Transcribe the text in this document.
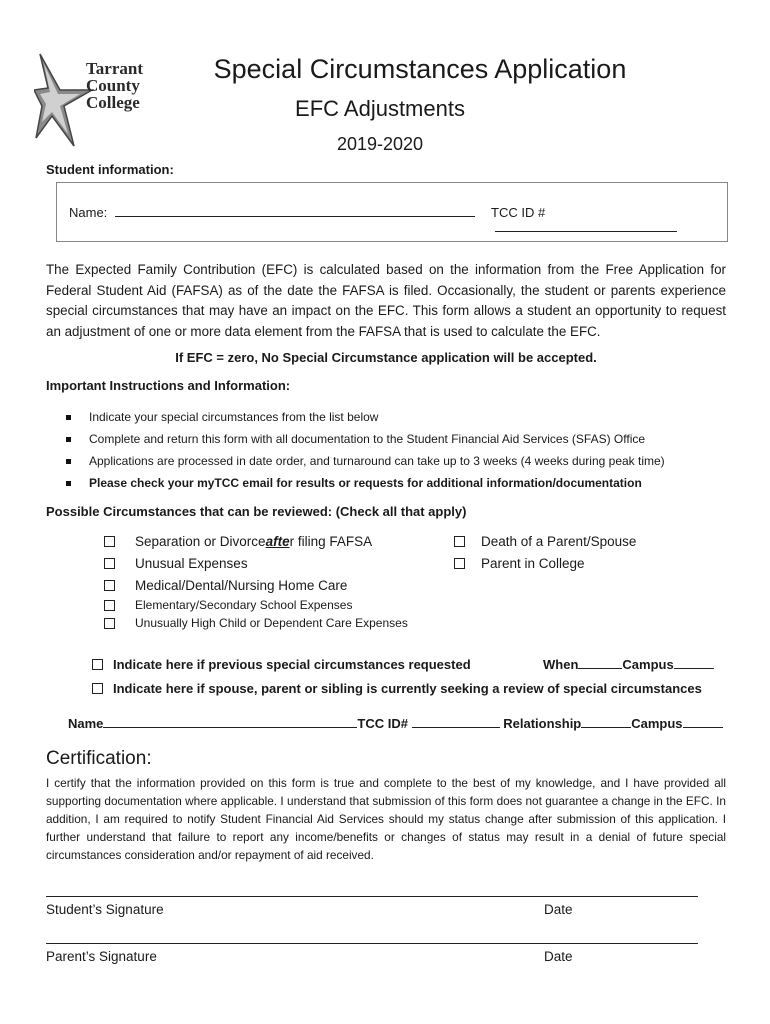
Tarrant
County
College
Special Circumstances Application
EFC Adjustments
2019-2020
Student information:
Name:	TCC ID #
The Expected Family Contribution (EFC) is calculated based on the information from the Free Application for Federal Student Aid (FAFSA) as of the date the FAFSA is filed. Occasionally, the student or parents experience special circumstances that may have an impact on the EFC. This form allows a student an opportunity to request an adjustment of one or more data element from the FAFSA that is used to calculate the EFC.
If EFC = zero, No Special Circumstance application will be accepted.
Important Instructions and Information:
Indicate your special circumstances from the list below
Complete and return this form with all documentation to the Student Financial Aid Services (SFAS) Office
Applications are processed in date order, and turnaround can take up to 3 weeks (4 weeks during peak time)
Please check your myTCC email for results or requests for additional information/documentation
Possible Circumstances that can be reviewed: (Check all that apply)
Separation or Divorce afte r filing FAFSA
Unusual Expenses
Medical/Dental/Nursing Home Care
Elementary/Secondary School Expenses
Unusually High Child or Dependent Care Expenses
Death of a Parent/Spouse
Parent in College
Indicate here if previous special circumstances requested	When	Campus
Indicate here if spouse, parent or sibling is currently seeking a review of special circumstances
Name	TCC ID#	Relationship	Campus
Certification:
I certify that the information provided on this form is true and complete to the best of my knowledge, and I have provided all supporting documentation where applicable. I understand that submission of this form does not guarantee a change in the EFC. In addition, I am required to notify Student Financial Aid Services should my status change after submission of this application. I further understand that failure to report any income/benefits or changes of status may result in a denial of future special circumstances consideration and/or repayment of aid received.
Student’s Signature	Date
Parent’s Signature	Date
